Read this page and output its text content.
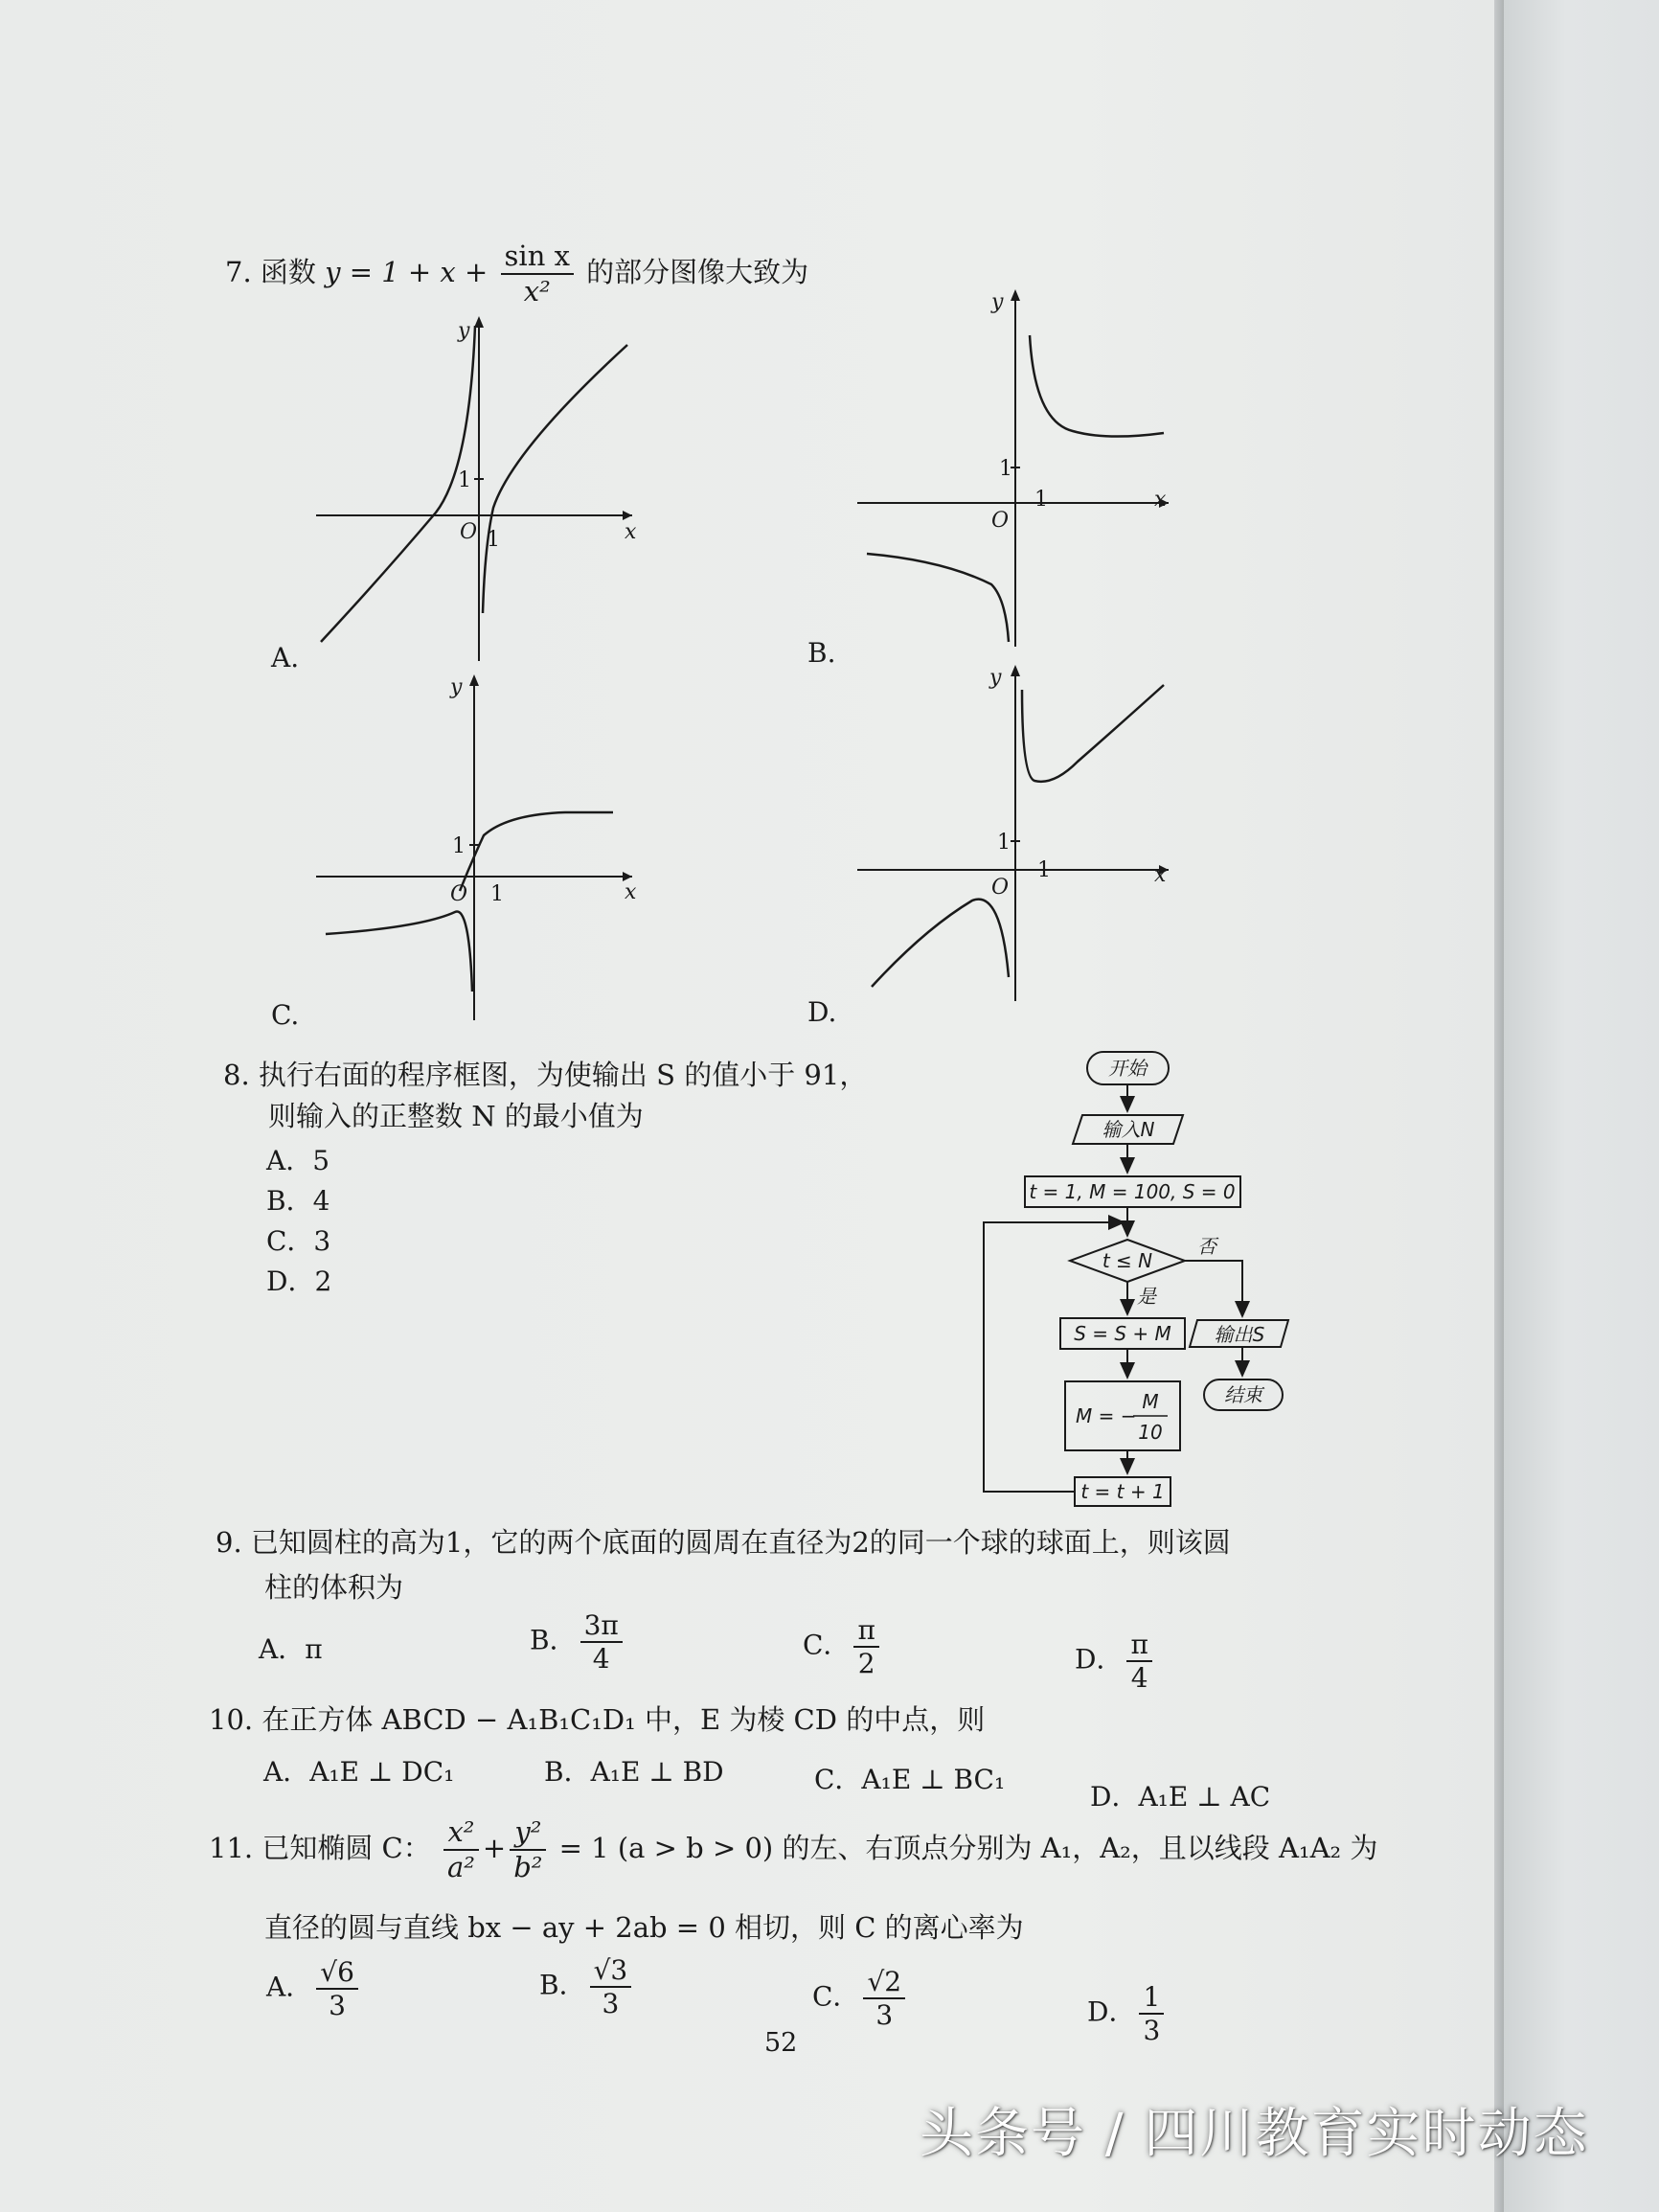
7. 函数 $y = 1 + x + \frac{\text{sin x}}{\text{x²}}$ 的部分图像大致为
O 1
1
x
y
A.
O
1
1
x
y
B.
O 1
1
x
y
C.
O
1
1
x
y
D.
8. 执行右面的程序框图，为使输出 S 的值小于 91，
则输入的正整数 N 的最小值为
A．5
B．4
C．3
D．2
开始
输入N
t = 1, M = 100, S = 0
t ≤ N
否
输出S
结束
是
S = S + M
M = −
M
10
t = t + 1
9. 已知圆柱的高为1，它的两个底面的圆周在直径为2的同一个球的球面上，则该圆
柱的体积为
A．π	B． $\frac{3\pi}{4}$	C． $\frac{\pi}{2}$	D． $\frac{\pi}{4}$
10. 在正方体 ABCD − A₁B₁C₁D₁ 中，E 为棱 CD 的中点，则
A．A₁E ⊥ DC₁	B．A₁E ⊥ BD	C．A₁E ⊥ BC₁
D．A₁E ⊥ AC
11. 已知椭圆 C： $\frac{\text{x²}}{\text{a²}} + \frac{\text{y²}}{\text{b²}} = 1$ (a > b > 0) 的左、右顶点分别为 A₁，A₂，且以线段 A₁A₂ 为
直径的圆与直线 bx − ay + 2ab = 0 相切，则 C 的离心率为
A． $\frac{√6}{3}$	B． $\frac{√3}{3}$	C． $\frac{√2}{3}$	D． $\frac{1}{3}$
52
头条号 / 四川教育实时动态
